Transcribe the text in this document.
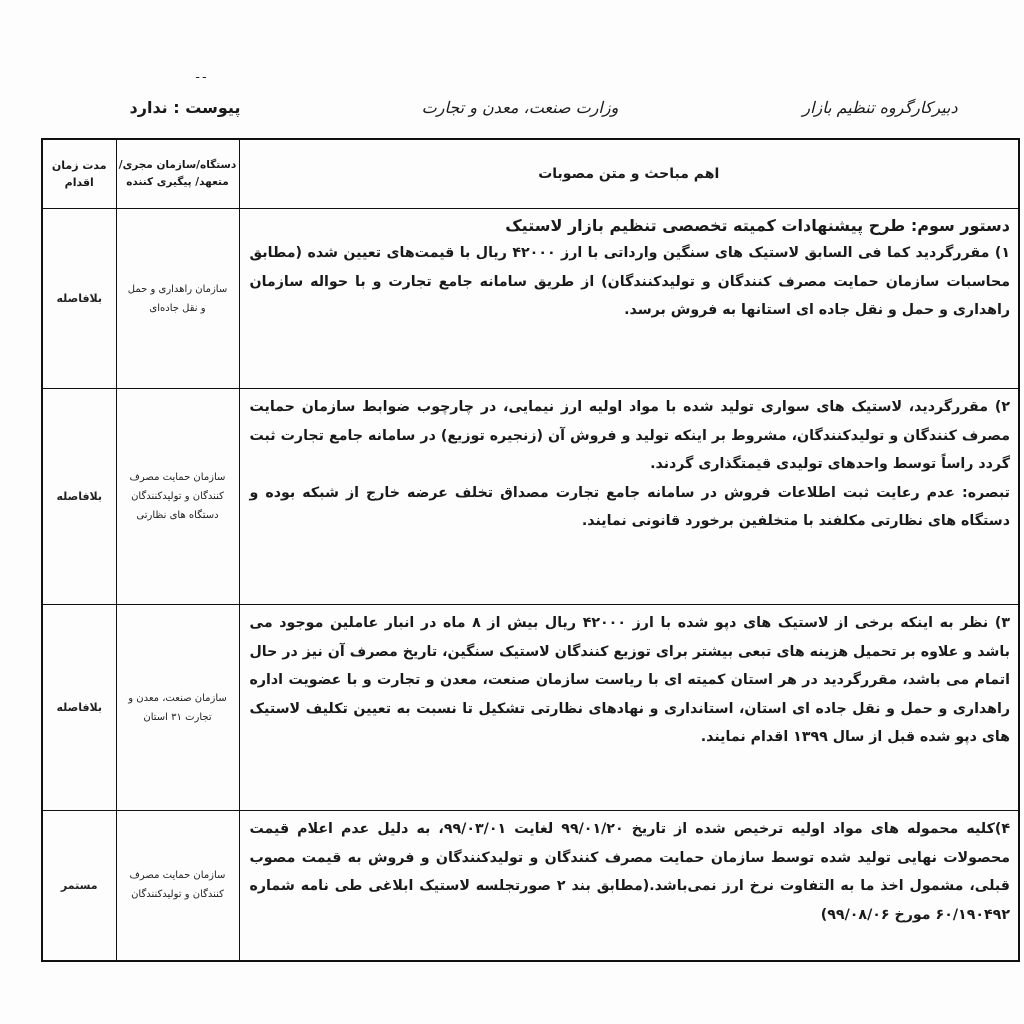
ـ ـ
پیوست : ندارد	وزارت صنعت، معدن و تجارت	دبیرکارگروه تنظیم بازار
اهم مباحث و متن مصوبات	دستگاه/سازمان مجری/ متعهد/ پیگیری کننده	مدت زمان اقدام

دستور سوم: طرح پیشنهادات کمیته تخصصی تنظیم بازار لاستیک
۱) مقررگردید کما فی السابق لاستیک های سنگین وارداتی با ارز ۴۲۰۰۰ ریال با قیمت‌های تعیین شده (مطابق محاسبات سازمان حمایت مصرف کنندگان و تولیدکنندگان) از طریق سامانه جامع تجارت و با حواله سازمان راهداری و حمل و نقل جاده ای استانها به فروش برسد.	سازمان راهداری و حمل و نقل جاده‌ای	بلافاصله

۲) مقررگردید، لاستیک های سواری تولید شده با مواد اولیه ارز نیمایی، در چارچوب ضوابط سازمان حمایت مصرف کنندگان و تولیدکنندگان، مشروط بر اینکه تولید و فروش آن (زنجیره توزیع) در سامانه جامع تجارت ثبت گردد راساً توسط واحدهای تولیدی قیمتگذاری گردند.
تبصره: عدم رعایت ثبت اطلاعات فروش در سامانه جامع تجارت مصداق تخلف عرضه خارج از شبکه بوده و دستگاه های نظارتی مکلفند با متخلفین برخورد قانونی نمایند.	سازمان حمایت مصرف کنندگان و تولیدکنندگان دستگاه های نظارتی	بلافاصله

۳) نظر به اینکه برخی از لاستیک های دپو شده با ارز ۴۲۰۰۰ ریال بیش از ۸ ماه در انبار عاملین موجود می باشد و علاوه بر تحمیل هزینه های تبعی بیشتر برای توزیع کنندگان لاستیک سنگین، تاریخ مصرف آن نیز در حال اتمام می باشد، مقررگردید در هر استان کمیته ای با ریاست سازمان صنعت، معدن و تجارت و با عضویت اداره راهداری و حمل و نقل جاده ای استان، استانداری و نهادهای نظارتی تشکیل تا نسبت به تعیین تکلیف لاستیک های دپو شده قبل از سال ۱۳۹۹ اقدام نمایند.	سازمان صنعت، معدن و تجارت ۳۱ استان	بلافاصله

۴)کلیه محموله های مواد اولیه ترخیص شده از تاریخ ۹۹/۰۱/۲۰ لغایت ۹۹/۰۳/۰۱، به دلیل عدم اعلام قیمت محصولات نهایی تولید شده توسط سازمان حمایت مصرف کنندگان و تولیدکنندگان و فروش به قیمت مصوب قبلی، مشمول اخذ ما به التفاوت نرخ ارز نمی‌باشد.(مطابق بند ۲ صورتجلسه لاستیک ابلاغی طی نامه شماره ۶۰/۱۹۰۴۹۲ مورخ ۹۹/۰۸/۰۶)	سازمان حمایت مصرف کنندگان و تولیدکنندگان	مستمر
